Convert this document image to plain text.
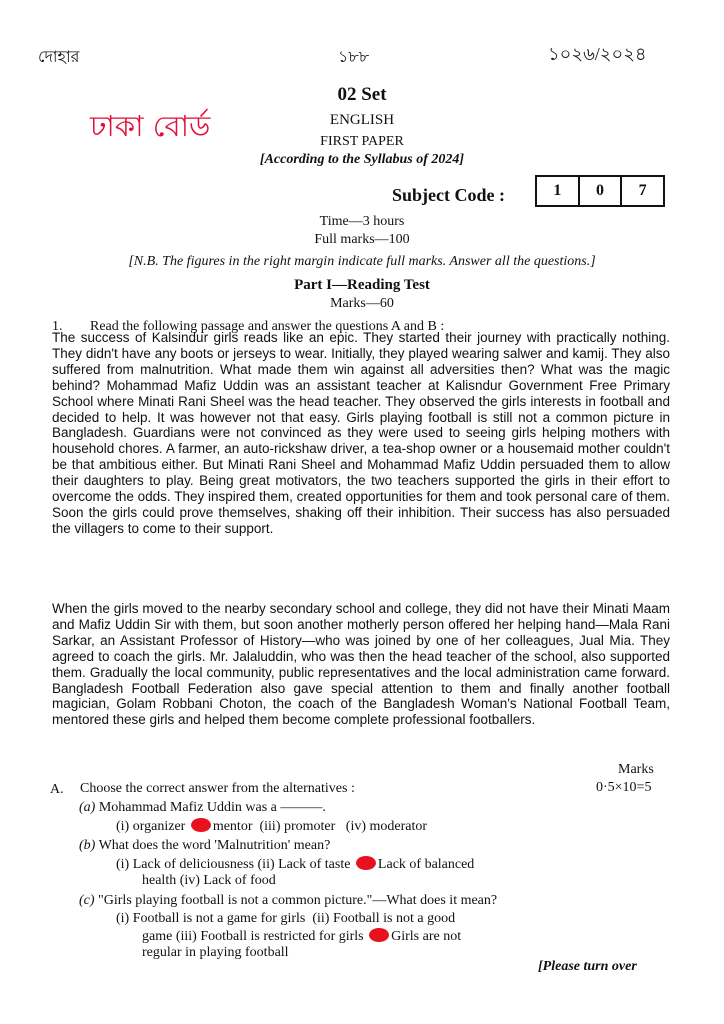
দোহার	১৮৮	১০২৬/২০২৪
ঢাকা বোর্ড
02 Set
ENGLISH
FIRST PAPER
[According to the Syllabus of 2024]
Subject Code :	1	0	7
Time—3 hours
Full marks—100
[N.B. The figures in the right margin indicate full marks. Answer all the questions.]
Part I—Reading Test
Marks—60
1. Read the following passage and answer the questions A and B :
The success of Kalsindur girls reads like an epic. They started their journey with practically nothing. They didn't have any boots or jerseys to wear. Initially, they played wearing salwer and kamij. They also suffered from malnutrition. What made them win against all adversities then? What was the magic behind? Mohammad Mafiz Uddin was an assistant teacher at Kalisndur Government Free Primary School where Minati Rani Sheel was the head teacher. They observed the girls interests in football and decided to help. It was however not that easy. Girls playing football is still not a common picture in Bangladesh. Guardians were not convinced as they were used to seeing girls helping mothers with household chores. A farmer, an auto-rickshaw driver, a tea-shop owner or a housemaid mother couldn't be that ambitious either. But Minati Rani Sheel and Mohammad Mafiz Uddin persuaded them to allow their daughters to play. Being great motivators, the two teachers supported the girls in their effort to overcome the odds. They inspired them, created opportunities for them and took personal care of them. Soon the girls could prove themselves, shaking off their inhibition. Their success has also persuaded the villagers to come to their support.
When the girls moved to the nearby secondary school and college, they did not have their Minati Maam and Mafiz Uddin Sir with them, but soon another motherly person offered her helping hand—Mala Rani Sarkar, an Assistant Professor of History—who was joined by one of her colleagues, Jual Mia. They agreed to coach the girls. Mr. Jalaluddin, who was then the head teacher of the school, also supported them. Gradually the local community, public representatives and the local administration came forward. Bangladesh Football Federation also gave special attention to them and finally another football magician, Golam Robbani Choton, the coach of the Bangladesh Woman's National Football Team, mentored these girls and helped them become complete professional footballers.
Marks
A. Choose the correct answer from the alternatives :	0·5×10=5
(a) Mohammad Mafiz Uddin was a ———.
(i) organizer mentor (iii) promoter (iv) moderator
(b) What does the word 'Malnutrition' mean?
(i) Lack of deliciousness (ii) Lack of taste Lack of balanced
health (iv) Lack of food
(c) "Girls playing football is not a common picture."—What does it mean?
(i) Football is not a game for girls (ii) Football is not a good
game (iii) Football is restricted for girls Girls are not
regular in playing football
[Please turn over
